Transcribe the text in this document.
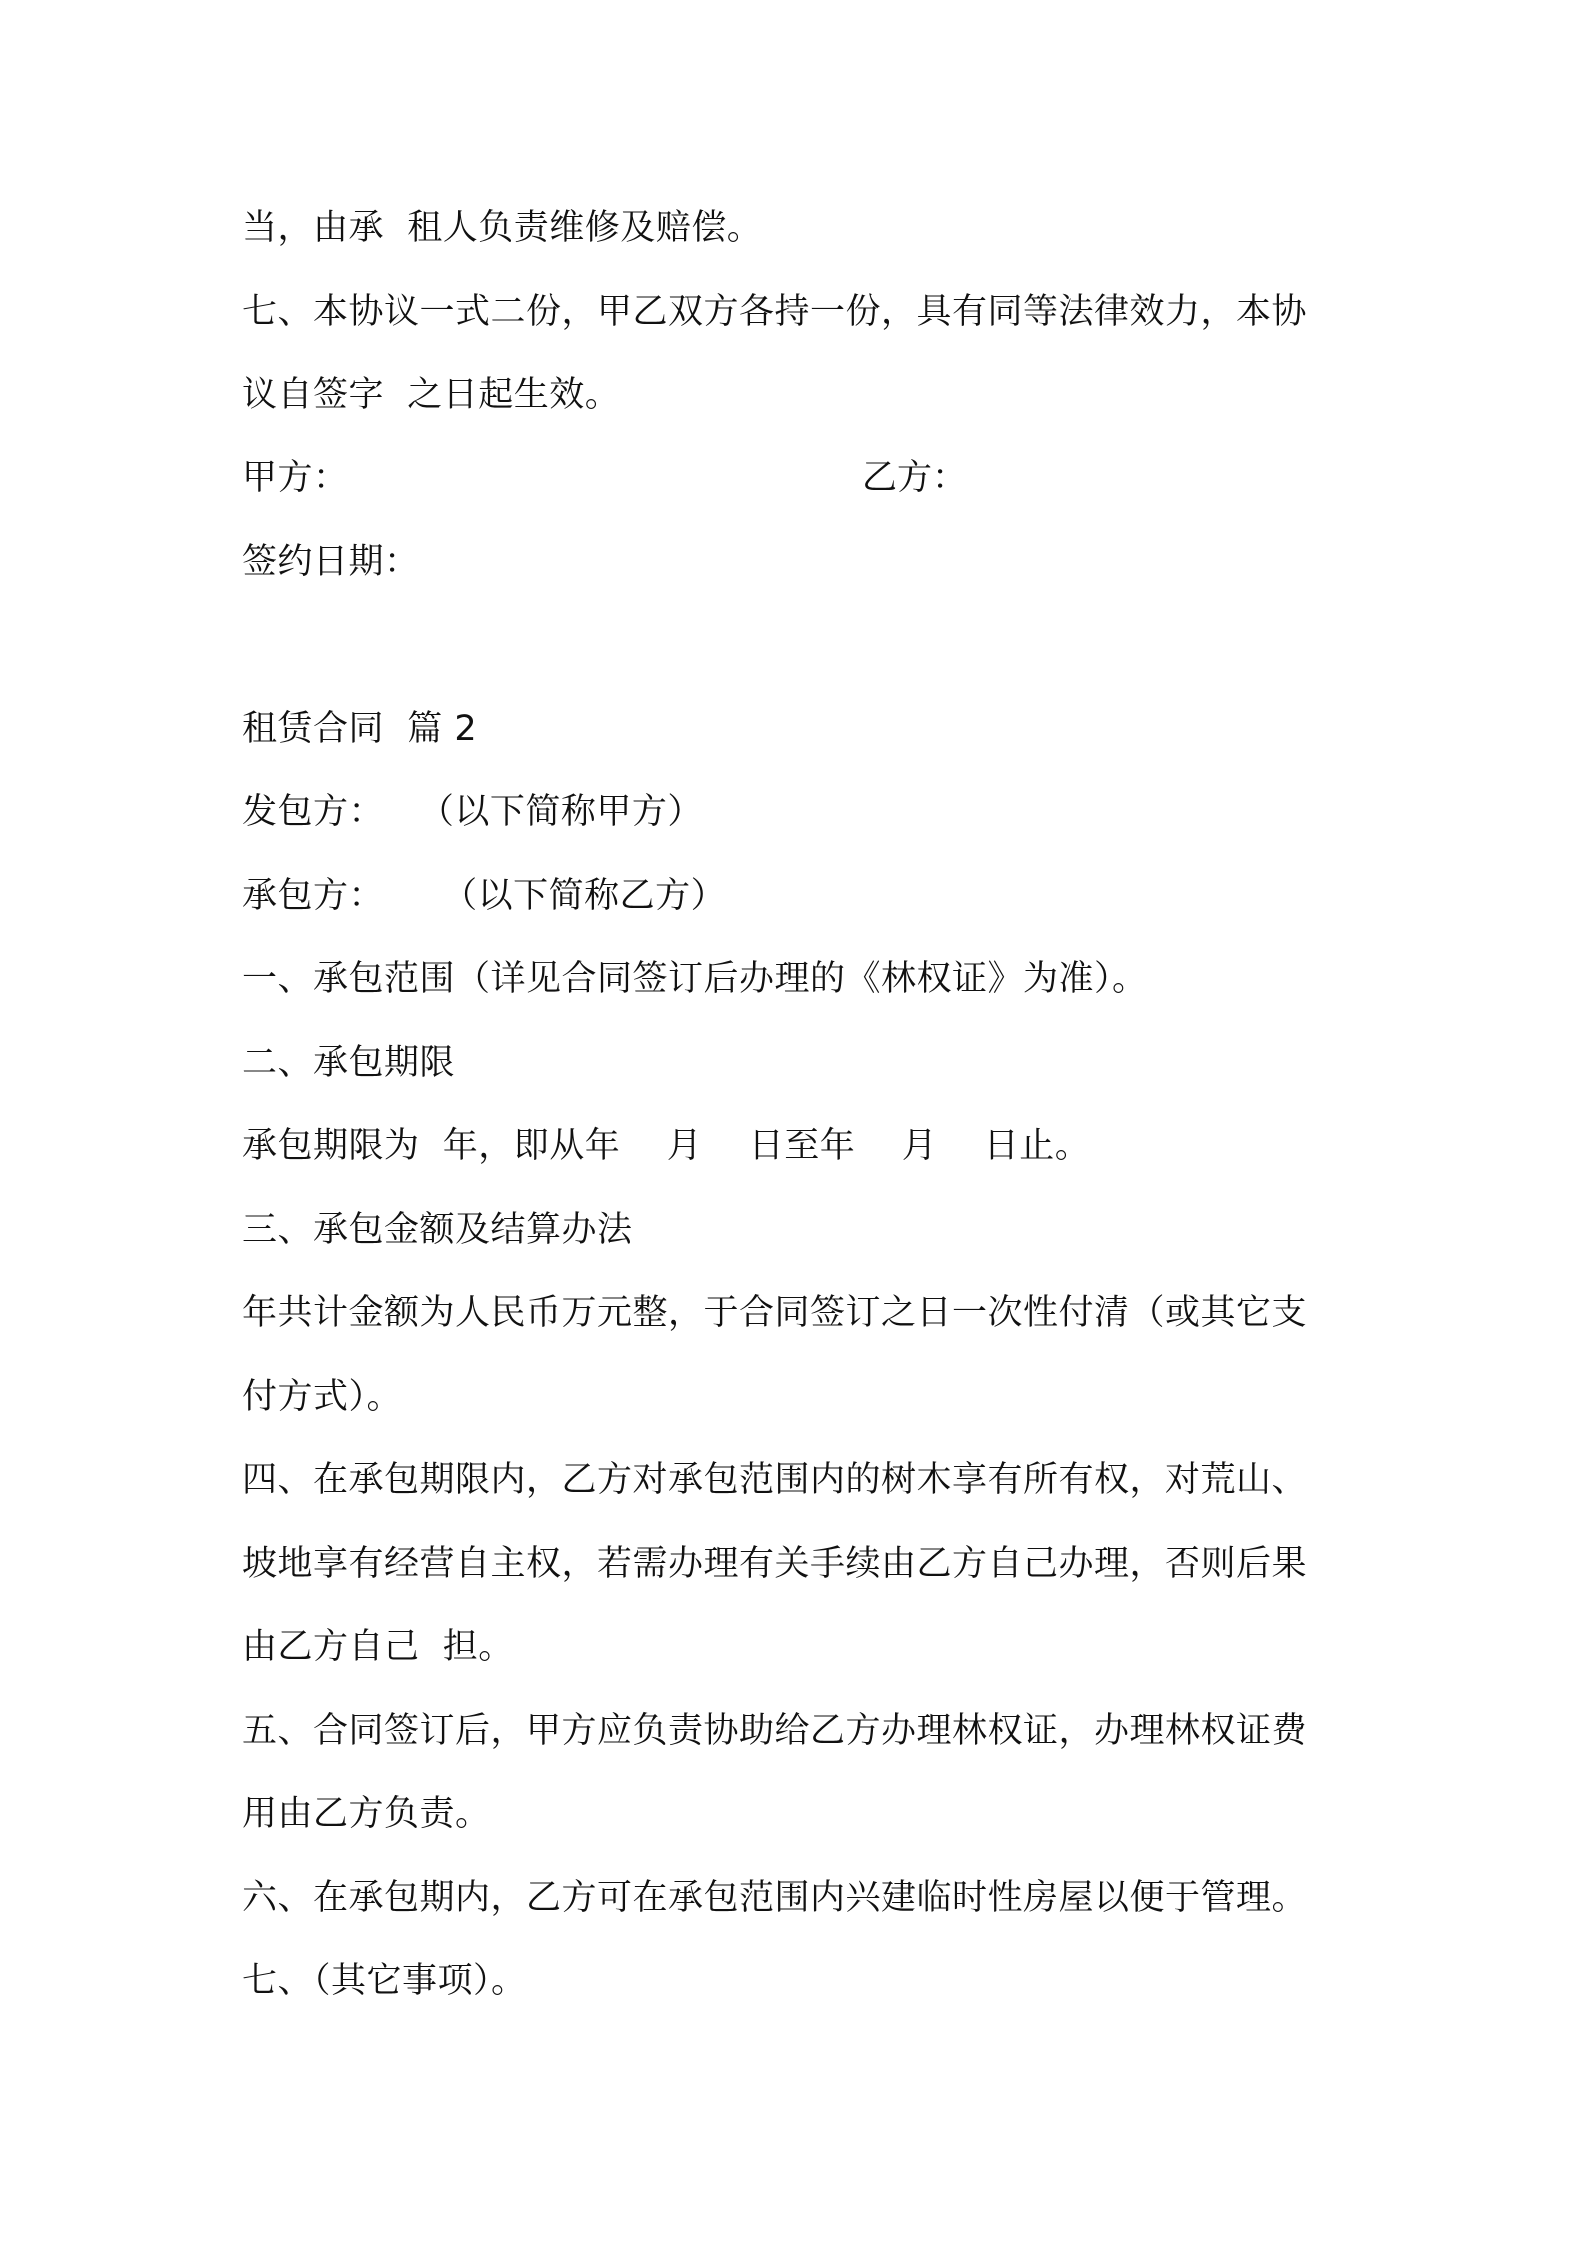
当，由承  租人负责维修及赔偿。
七、本协议一式二份，甲乙双方各持一份，具有同等法律效力，本协
议自签字  之日起生效。
甲方：	乙方：
签约日期：
租赁合同  篇 2
发包方：   （以下简称甲方）
承包方：     （以下简称乙方）
一、承包范围（详见合同签订后办理的《林权证》为准）。
二、承包期限
承包期限为  年，即从年    月    日至年    月    日止。
三、承包金额及结算办法
年共计金额为人民币万元整，于合同签订之日一次性付清（或其它支
付方式）。
四、在承包期限内，乙方对承包范围内的树木享有所有权，对荒山、
坡地享有经营自主权，若需办理有关手续由乙方自己办理，否则后果
由乙方自己  担。
五、合同签订后，甲方应负责协助给乙方办理林权证，办理林权证费
用由乙方负责。
六、在承包期内，乙方可在承包范围内兴建临时性房屋以便于管理。
七、（其它事项）。
